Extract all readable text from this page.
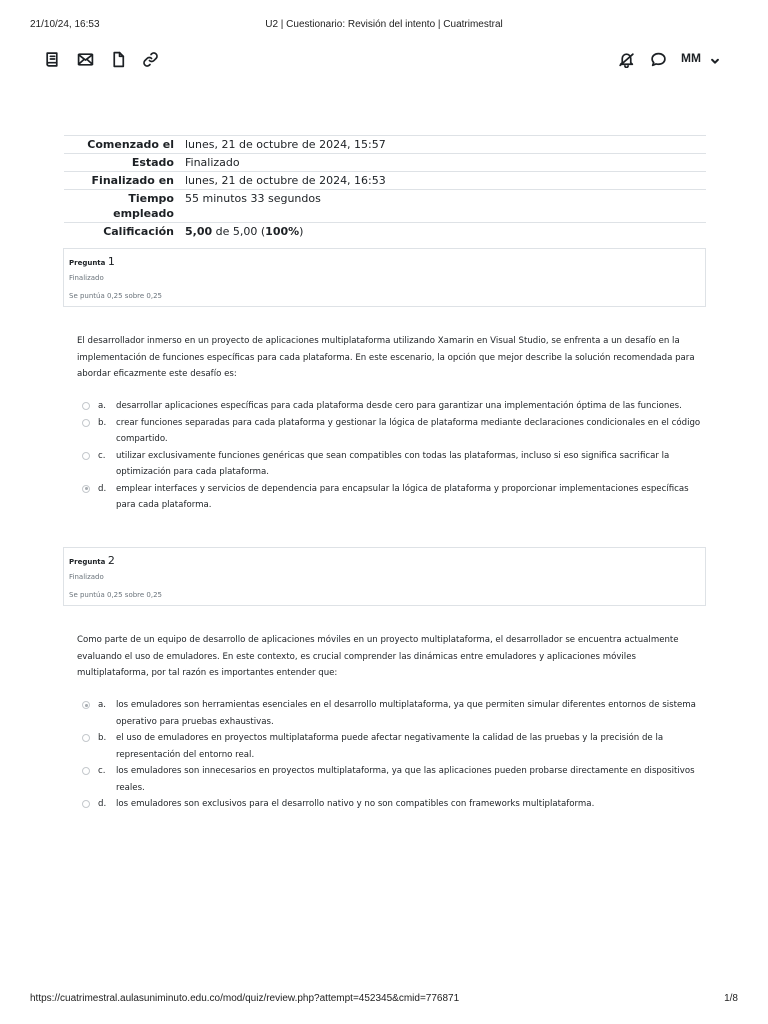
21/10/24, 16:53	U2 | Cuestionario: Revisión del intento | Cuatrimestral
MM
Comenzado el	lunes, 21 de octubre de 2024, 15:57
Estado	Finalizado
Finalizado en	lunes, 21 de octubre de 2024, 16:53
Tiempo empleado	55 minutos 33 segundos
Calificación	5,00 de 5,00 (100%)
Pregunta 1
Finalizado
Se puntúa 0,25 sobre 0,25
El desarrollador inmerso en un proyecto de aplicaciones multiplataforma utilizando Xamarin en Visual Studio, se enfrenta a un desafío en la implementación de funciones específicas para cada plataforma. En este escenario, la opción que mejor describe la solución recomendada para abordar eficazmente este desafío es:
a. desarrollar aplicaciones específicas para cada plataforma desde cero para garantizar una implementación óptima de las funciones.
b. crear funciones separadas para cada plataforma y gestionar la lógica de plataforma mediante declaraciones condicionales en el código compartido.
c. utilizar exclusivamente funciones genéricas que sean compatibles con todas las plataformas, incluso si eso significa sacrificar la optimización para cada plataforma.
d. emplear interfaces y servicios de dependencia para encapsular la lógica de plataforma y proporcionar implementaciones específicas para cada plataforma.
Pregunta 2
Finalizado
Se puntúa 0,25 sobre 0,25
Como parte de un equipo de desarrollo de aplicaciones móviles en un proyecto multiplataforma, el desarrollador se encuentra actualmente evaluando el uso de emuladores. En este contexto, es crucial comprender las dinámicas entre emuladores y aplicaciones móviles multiplataforma, por tal razón es importantes entender que:
a. los emuladores son herramientas esenciales en el desarrollo multiplataforma, ya que permiten simular diferentes entornos de sistema operativo para pruebas exhaustivas.
b. el uso de emuladores en proyectos multiplataforma puede afectar negativamente la calidad de las pruebas y la precisión de la representación del entorno real.
c. los emuladores son innecesarios en proyectos multiplataforma, ya que las aplicaciones pueden probarse directamente en dispositivos reales.
d. los emuladores son exclusivos para el desarrollo nativo y no son compatibles con frameworks multiplataforma.
https://cuatrimestral.aulasuniminuto.edu.co/mod/quiz/review.php?attempt=452345&cmid=776871	1/8
